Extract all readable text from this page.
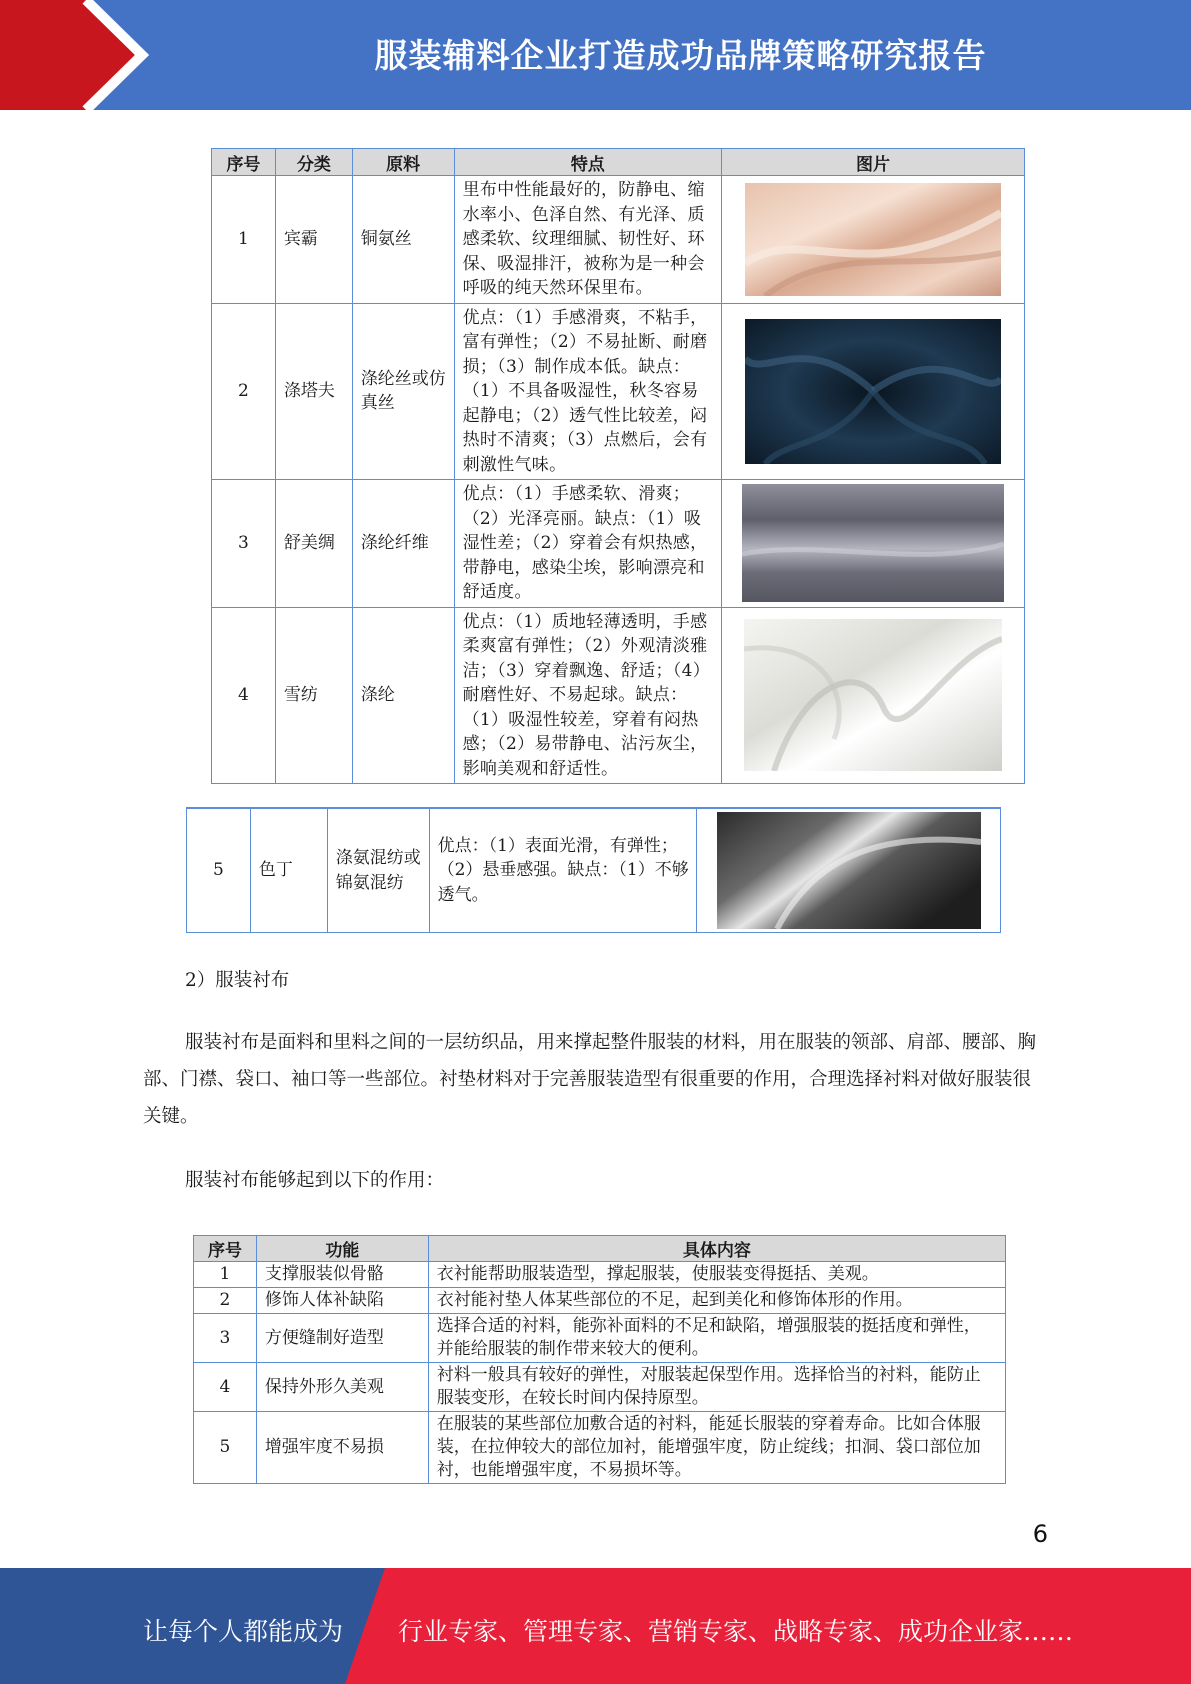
服装辅料企业打造成功品牌策略研究报告
序号	分类	原料	特点	图片
1	宾霸	铜氨丝	里布中性能最好的，防静电、缩水率小、色泽自然、有光泽、质感柔软、纹理细腻、韧性好、环保、吸湿排汗，被称为是一种会呼吸的纯天然环保里布。	

2	涤塔夫	涤纶丝或仿真丝	优点：（1）手感滑爽，不粘手，富有弹性；（2）不易扯断、耐磨损；（3）制作成本低。缺点：（1）不具备吸湿性，秋冬容易起静电；（2）透气性比较差，闷热时不清爽；（3）点燃后，会有刺激性气味。	

3	舒美绸	涤纶纤维	优点：（1）手感柔软、滑爽；（2）光泽亮丽。缺点：（1）吸湿性差；（2）穿着会有炽热感，带静电，感染尘埃，影响漂亮和舒适度。	

4	雪纺	涤纶	优点：（1）质地轻薄透明，手感柔爽富有弹性；（2）外观清淡雅洁；（3）穿着飘逸、舒适；（4）耐磨性好、不易起球。缺点：（1）吸湿性较差，穿着有闷热感；（2）易带静电、沾污灰尘，影响美观和舒适性。	
5	色丁	涤氨混纺或锦氨混纺	优点：（1）表面光滑，有弹性；（2）悬垂感强。缺点：（1）不够透气。	

2）服装衬布

服装衬布是面料和里料之间的一层纺织品，用来撑起整件服装的材料，用在服装的领部、肩部、腰部、胸部、门襟、袋口、袖口等一些部位。衬垫材料对于完善服装造型有很重要的作用，合理选择衬料对做好服装很关键。

服装衬布能够起到以下的作用：

序号	功能	具体内容
1	支撑服装似骨骼	衣衬能帮助服装造型，撑起服装，使服装变得挺括、美观。
2	修饰人体补缺陷	衣衬能衬垫人体某些部位的不足，起到美化和修饰体形的作用。
3	方便缝制好造型	选择合适的衬料，能弥补面料的不足和缺陷，增强服装的挺括度和弹性，并能给服装的制作带来较大的便利。
4	保持外形久美观	衬料一般具有较好的弹性，对服装起保型作用。选择恰当的衬料，能防止服装变形，在较长时间内保持原型。
5	增强牢度不易损	在服装的某些部位加敷合适的衬料，能延长服装的穿着寿命。比如合体服装，在拉伸较大的部位加衬，能增强牢度，防止绽线；扣洞、袋口部位加衬，也能增强牢度，不易损坏等。
6
让每个人都能成为 行业专家、管理专家、营销专家、战略专家、成功企业家……
